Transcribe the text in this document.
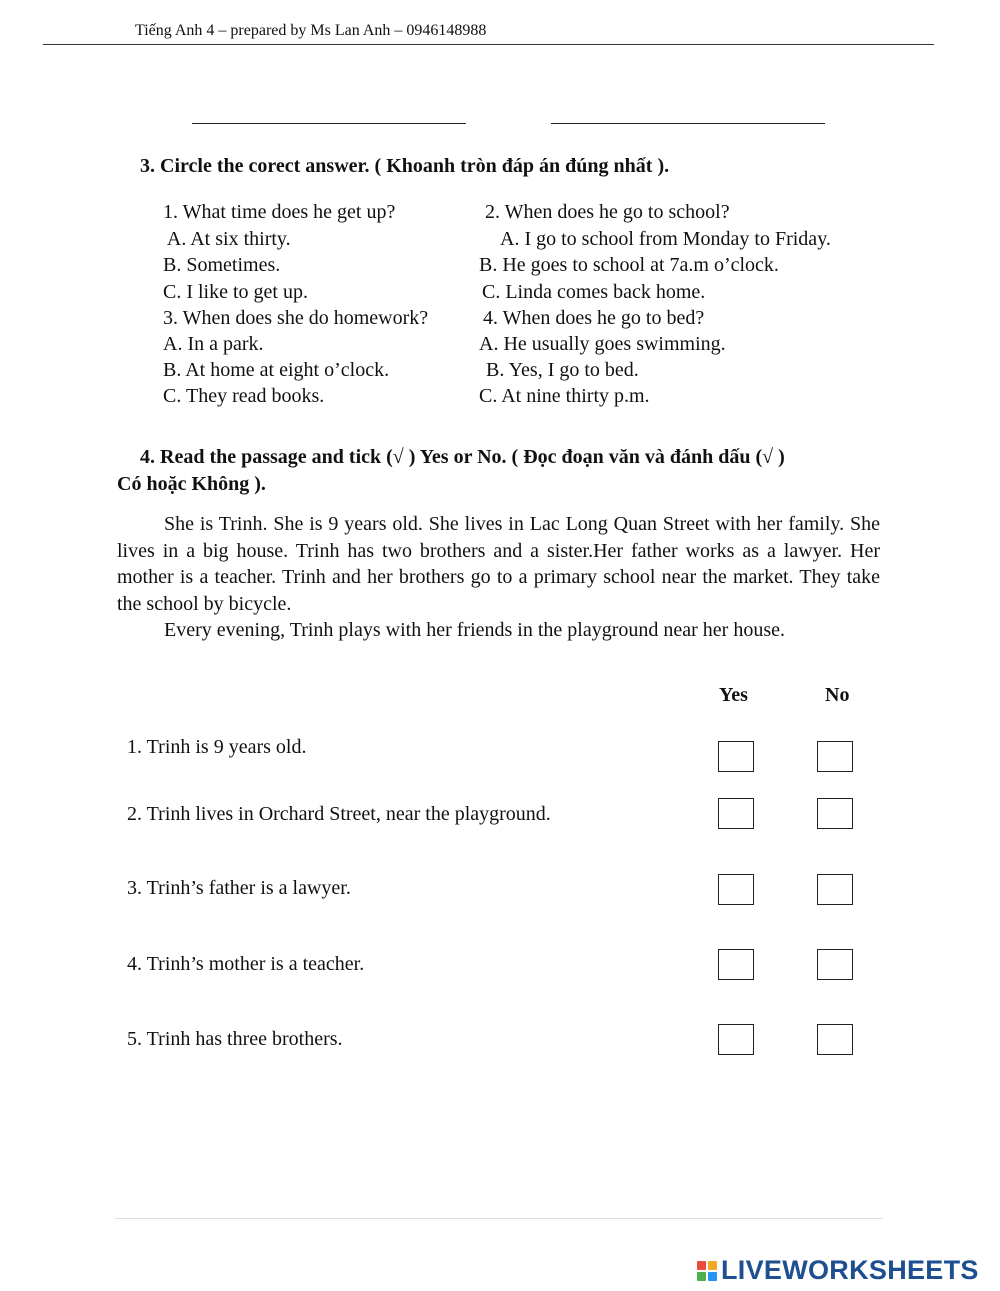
Tiếng Anh 4 – prepared by Ms Lan Anh – 0946148988
3. Circle the corect answer. ( Khoanh tròn đáp án đúng nhất ).
1. What time does he get up?	2. When does he go to school?
A. At six thirty.	A. I go to school from Monday to Friday.
B. Sometimes.	B. He goes to school at 7a.m o’clock.
C. I like to get up.	C. Linda comes back home.
3. When does she do homework?	4. When does he go to bed?
A. In a park.	A. He usually goes swimming.
B. At home at eight o’clock.	B. Yes, I go to bed.
C. They read books.	C. At nine thirty p.m.
4. Read the passage and tick (√ ) Yes or No. ( Đọc đoạn văn và đánh dấu (√ )
Có hoặc Không ).

She is Trinh. She is 9 years old. She lives in Lac Long Quan Street with her family. She lives in a big house. Trinh has two brothers and a sister.Her father works as a lawyer. Her mother is a teacher. Trinh and her brothers go to a primary school near the market. They take the school by bicycle.

Every evening, Trinh plays with her friends in the playground near her house.

Yes	No
1. Trinh is 9 years old.
2. Trinh lives in Orchard Street, near the playground.
3. Trinh’s father is a lawyer.
4. Trinh’s mother is a teacher.
5. Trinh has three brothers.
LIVEWORKSHEETS
